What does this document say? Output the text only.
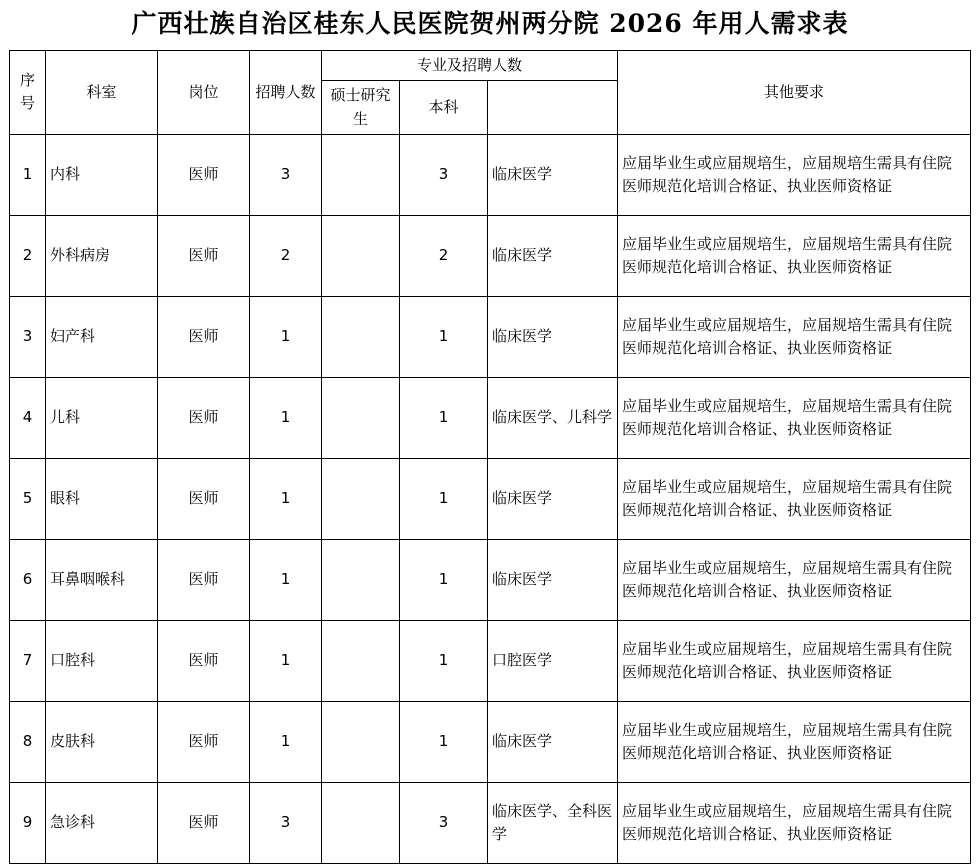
广西壮族自治区桂东人民医院贺州两分院 2026 年用人需求表
序号	科室	岗位	招聘人数	专业及招聘人数			其他要求
				硕士研究生	本科		
1	内科	医师	3		3	临床医学	应届毕业生或应届规培生，应届规培生需具有住院医师规范化培训合格证、执业医师资格证
2	外科病房	医师	2		2	临床医学	应届毕业生或应届规培生，应届规培生需具有住院医师规范化培训合格证、执业医师资格证
3	妇产科	医师	1		1	临床医学	应届毕业生或应届规培生，应届规培生需具有住院医师规范化培训合格证、执业医师资格证
4	儿科	医师	1		1	临床医学、儿科学	应届毕业生或应届规培生，应届规培生需具有住院医师规范化培训合格证、执业医师资格证
5	眼科	医师	1		1	临床医学	应届毕业生或应届规培生，应届规培生需具有住院医师规范化培训合格证、执业医师资格证
6	耳鼻咽喉科	医师	1		1	临床医学	应届毕业生或应届规培生，应届规培生需具有住院医师规范化培训合格证、执业医师资格证
7	口腔科	医师	1		1	口腔医学	应届毕业生或应届规培生，应届规培生需具有住院医师规范化培训合格证、执业医师资格证
8	皮肤科	医师	1		1	临床医学	应届毕业生或应届规培生，应届规培生需具有住院医师规范化培训合格证、执业医师资格证
9	急诊科	医师	3		3	临床医学、全科医学	应届毕业生或应届规培生，应届规培生需具有住院医师规范化培训合格证、执业医师资格证
